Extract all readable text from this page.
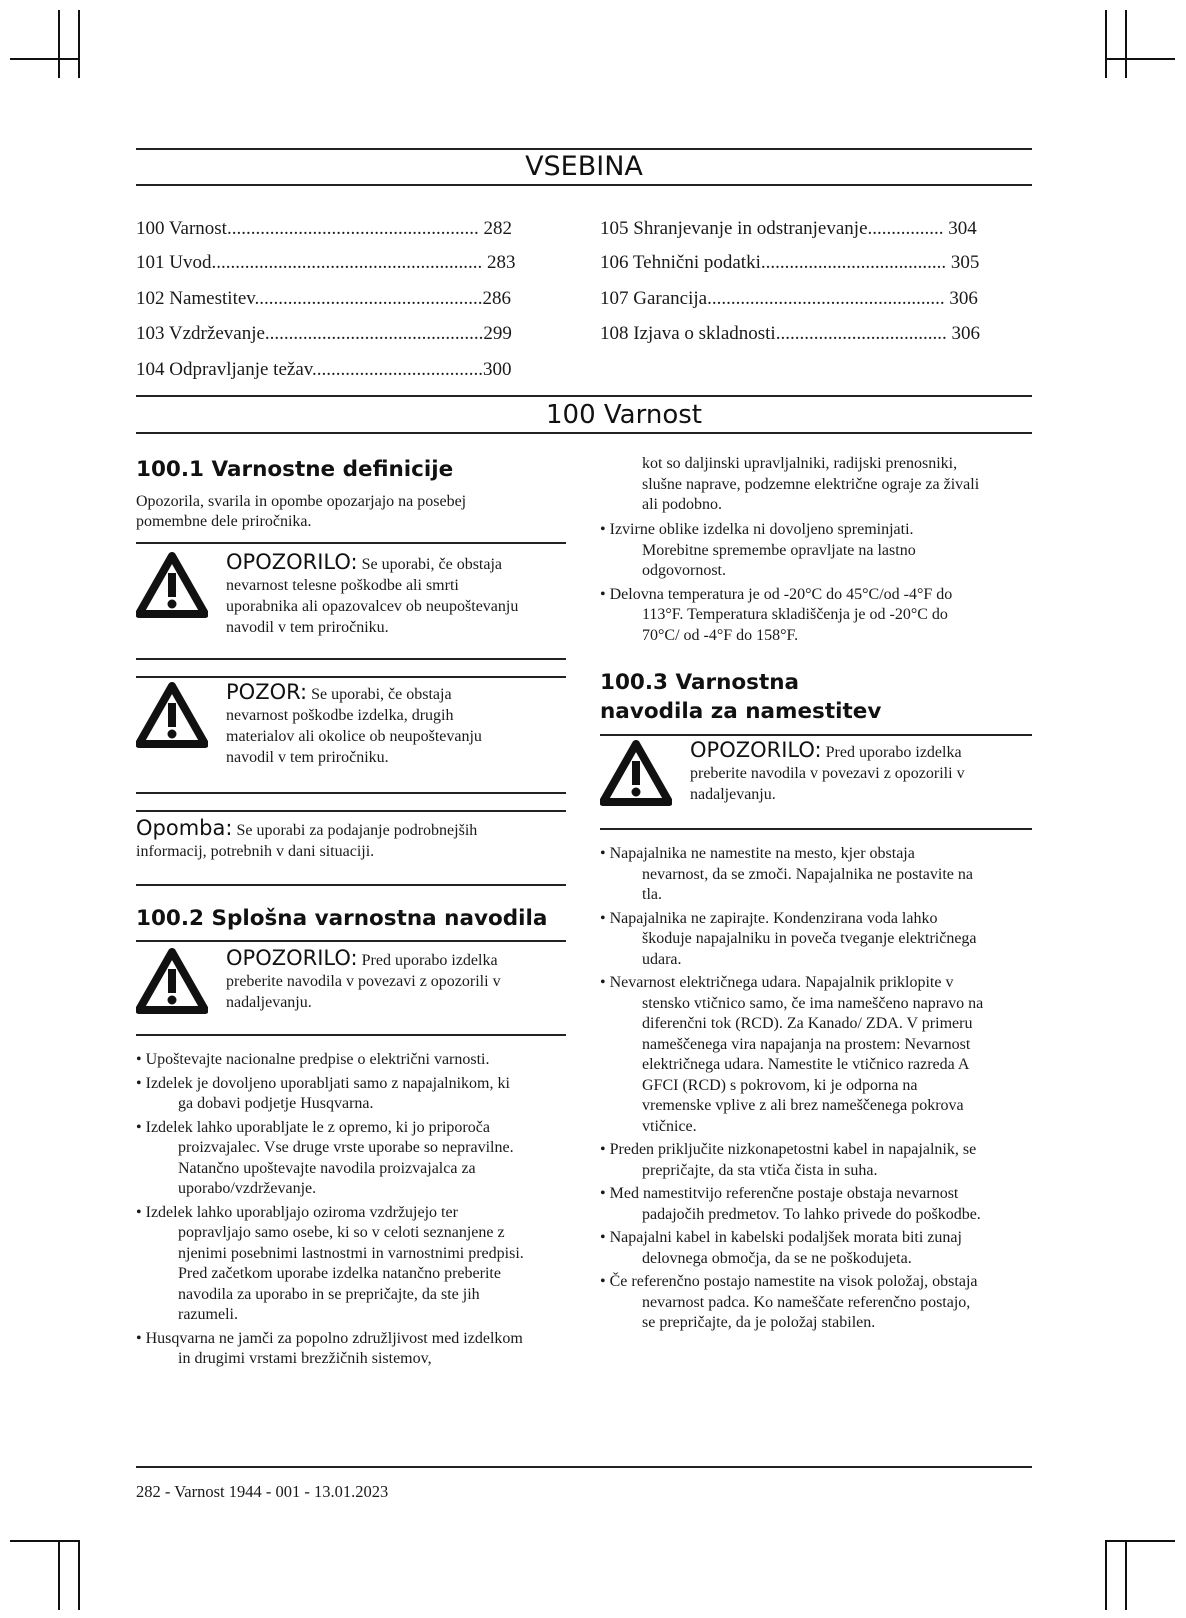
VSEBINA
100 Varnost..................................................... 282	105 Shranjevanje in odstranjevanje................ 304
101 Uvod......................................................... 283	106 Tehnični podatki....................................... 305
102 Namestitev................................................286	107 Garancija.................................................. 306
103 Vzdrževanje..............................................299	108 Izjava o skladnosti.................................... 306
104 Odpravljanje težav....................................300
100 Varnost
100.1 Varnostne definicije
Opozorila, svarila in opombe opozarjajo na posebej pomembne dele priročnika.
OPOZORILO: Se uporabi, če obstaja nevarnost telesne poškodbe ali smrti uporabnika ali opazovalcev ob neupoštevanju navodil v tem priročniku.
POZOR: Se uporabi, če obstaja nevarnost poškodbe izdelka, drugih materialov ali okolice ob neupoštevanju navodil v tem priročniku.
Opomba: Se uporabi za podajanje podrobnejših informacij, potrebnih v dani situaciji.
100.2 Splošna varnostna navodila
OPOZORILO: Pred uporabo izdelka preberite navodila v povezavi z opozorili v nadaljevanju.
• Upoštevajte nacionalne predpise o električni varnosti.
• Izdelek je dovoljeno uporabljati samo z napajalnikom, ki ga dobavi podjetje Husqvarna.
• Izdelek lahko uporabljate le z opremo, ki jo priporoča proizvajalec. Vse druge vrste uporabe so nepravilne. Natančno upoštevajte navodila proizvajalca za uporabo/vzdrževanje.
• Izdelek lahko uporabljajo oziroma vzdržujejo ter popravljajo samo osebe, ki so v celoti seznanjene z njenimi posebnimi lastnostmi in varnostnimi predpisi. Pred začetkom uporabe izdelka natančno preberite navodila za uporabo in se prepričajte, da ste jih razumeli.
• Husqvarna ne jamči za popolno združljivost med izdelkom in drugimi vrstami brezžičnih sistemov,
kot so daljinski upravljalniki, radijski prenosniki, slušne naprave, podzemne električne ograje za živali ali podobno.
• Izvirne oblike izdelka ni dovoljeno spreminjati. Morebitne spremembe opravljate na lastno odgovornost.
• Delovna temperatura je od -20°C do 45°C/od -4°F do 113°F. Temperatura skladiščenja je od -20°C do 70°C/ od -4°F do 158°F.
100.3 Varnostna navodila za namestitev
OPOZORILO: Pred uporabo izdelka preberite navodila v povezavi z opozorili v nadaljevanju.
• Napajalnika ne namestite na mesto, kjer obstaja nevarnost, da se zmoči. Napajalnika ne postavite na tla.
• Napajalnika ne zapirajte. Kondenzirana voda lahko škoduje napajalniku in poveča tveganje električnega udara.
• Nevarnost električnega udara. Napajalnik priklopite v stensko vtičnico samo, če ima nameščeno napravo na diferenčni tok (RCD). Za Kanado/ ZDA. V primeru nameščenega vira napajanja na prostem: Nevarnost električnega udara. Namestite le vtičnico razreda A GFCI (RCD) s pokrovom, ki je odporna na vremenske vplive z ali brez nameščenega pokrova vtičnice.
• Preden priključite nizkonapetostni kabel in napajalnik, se prepričajte, da sta vtiča čista in suha.
• Med namestitvijo referenčne postaje obstaja nevarnost padajočih predmetov. To lahko privede do poškodbe.
• Napajalni kabel in kabelski podaljšek morata biti zunaj delovnega območja, da se ne poškodujeta.
• Če referenčno postajo namestite na visok položaj, obstaja nevarnost padca. Ko nameščate referenčno postajo, se prepričajte, da je položaj stabilen.
282 - Varnost 1944 - 001 - 13.01.2023
